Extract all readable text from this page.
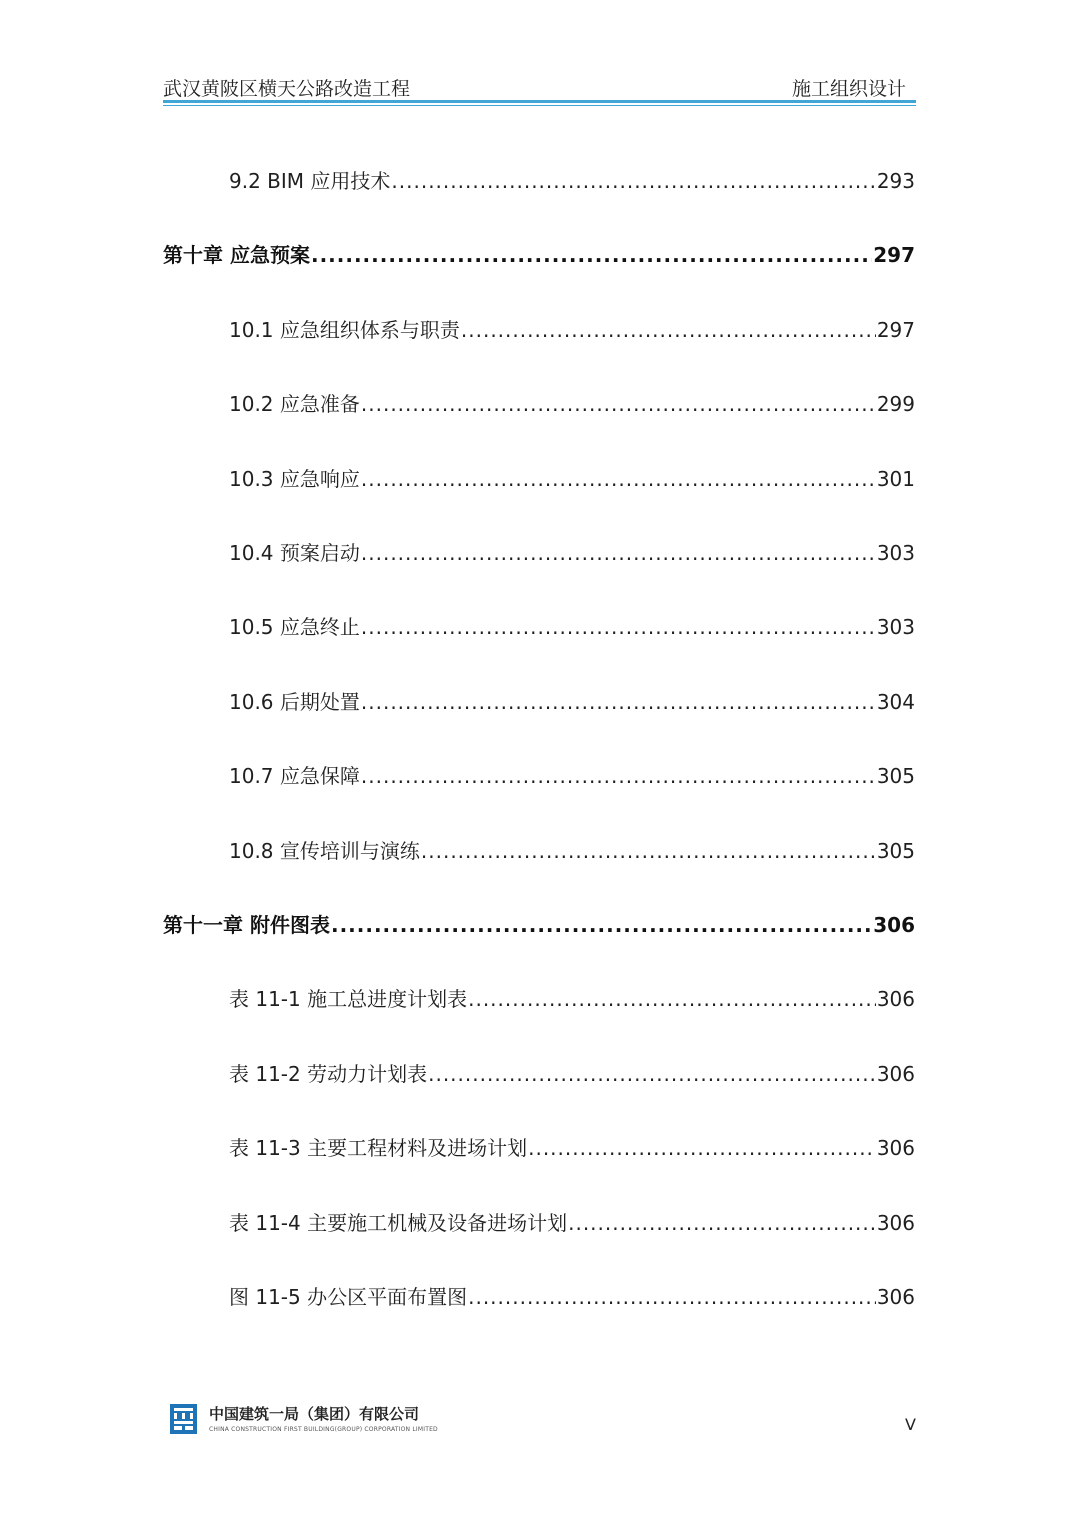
武汉黄陂区横天公路改造工程	施工组织设计
9.2 BIM 应用技术 .....	293
第十章 应急预案 .....	297
10.1 应急组织体系与职责 .....	297
10.2 应急准备 .....	299
10.3 应急响应 .....	301
10.4 预案启动 .....	303
10.5 应急终止 .....	303
10.6 后期处置 .....	304
10.7 应急保障 .....	305
10.8 宣传培训与演练 .....	305
第十一章 附件图表 .....	306
表 11-1 施工总进度计划表 .....	306
表 11-2 劳动力计划表 .....	306
表 11-3 主要工程材料及进场计划 .....	306
表 11-4 主要施工机械及设备进场计划 .....	306
图 11-5 办公区平面布置图 .....	306
中国建筑一局（集团）有限公司
CHINA CONSTRUCTION FIRST BUILDING(GROUP) CORPORATION LIMITED	V
